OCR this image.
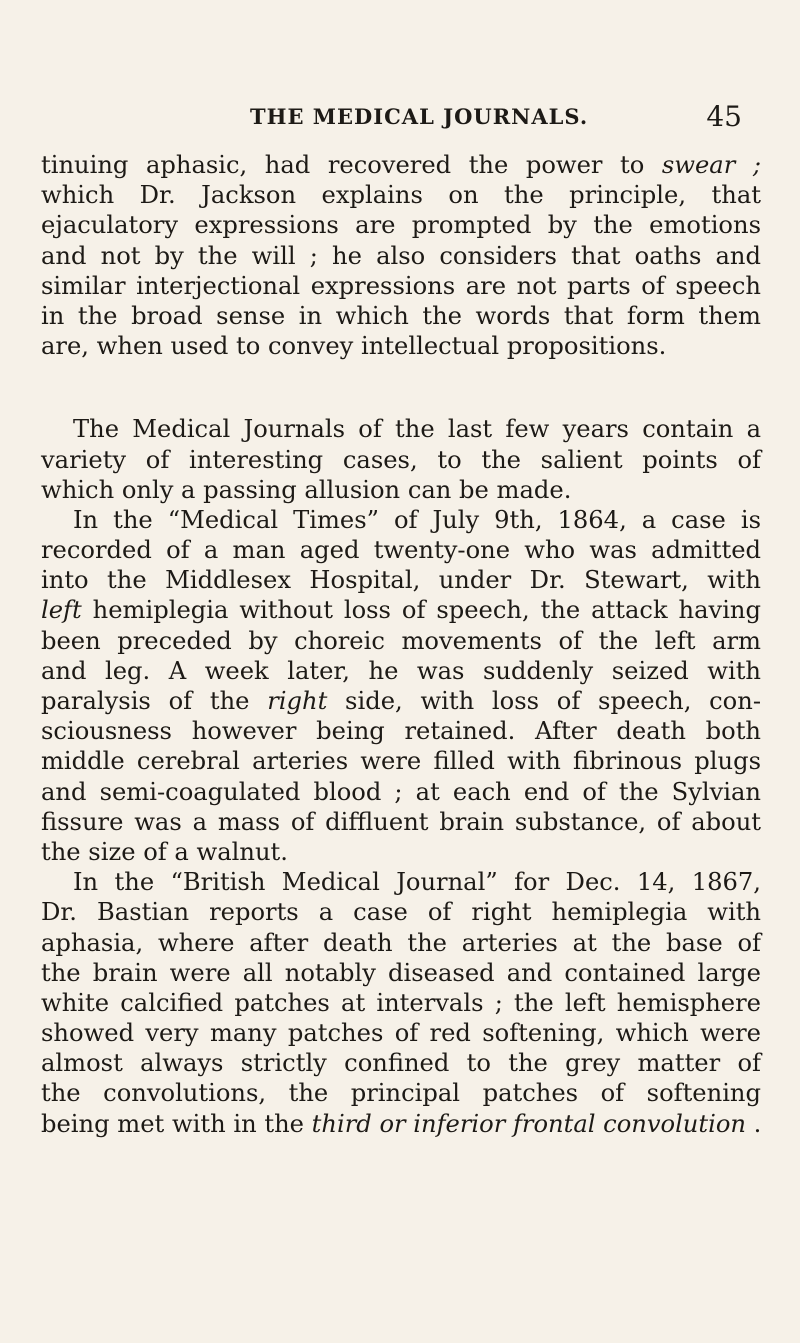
THE MEDICAL JOURNALS.	45
tinuing aphasic, had recovered the power to swear ;
which Dr. Jackson explains on the principle, that
ejaculatory expressions are prompted by the emotions
and not by the will ; he also considers that oaths and
similar interjectional expressions are not parts of speech
in the broad sense in which the words that form them
are, when used to convey intellectual propositions.
The Medical Journals of the last few years contain a
variety of interesting cases, to the salient points of
which only a passing allusion can be made.
In the “Medical Times” of July 9th, 1864, a case is
recorded of a man aged twenty-one who was admitted
into the Middlesex Hospital, under Dr. Stewart, with
left hemiplegia without loss of speech, the attack having
been preceded by choreic movements of the left arm
and leg. A week later, he was suddenly seized with
paralysis of the right side, with loss of speech, con-
sciousness however being retained. After death both
middle cerebral arteries were filled with fibrinous plugs
and semi-coagulated blood ; at each end of the Sylvian
fissure was a mass of diffluent brain substance, of about
the size of a walnut.
In the “British Medical Journal” for Dec. 14, 1867,
Dr. Bastian reports a case of right hemiplegia with
aphasia, where after death the arteries at the base of
the brain were all notably diseased and contained large
white calcified patches at intervals ; the left hemisphere
showed very many patches of red softening, which were
almost always strictly confined to the grey matter of
the convolutions, the principal patches of softening
being met with in the third or inferior frontal convolution .
